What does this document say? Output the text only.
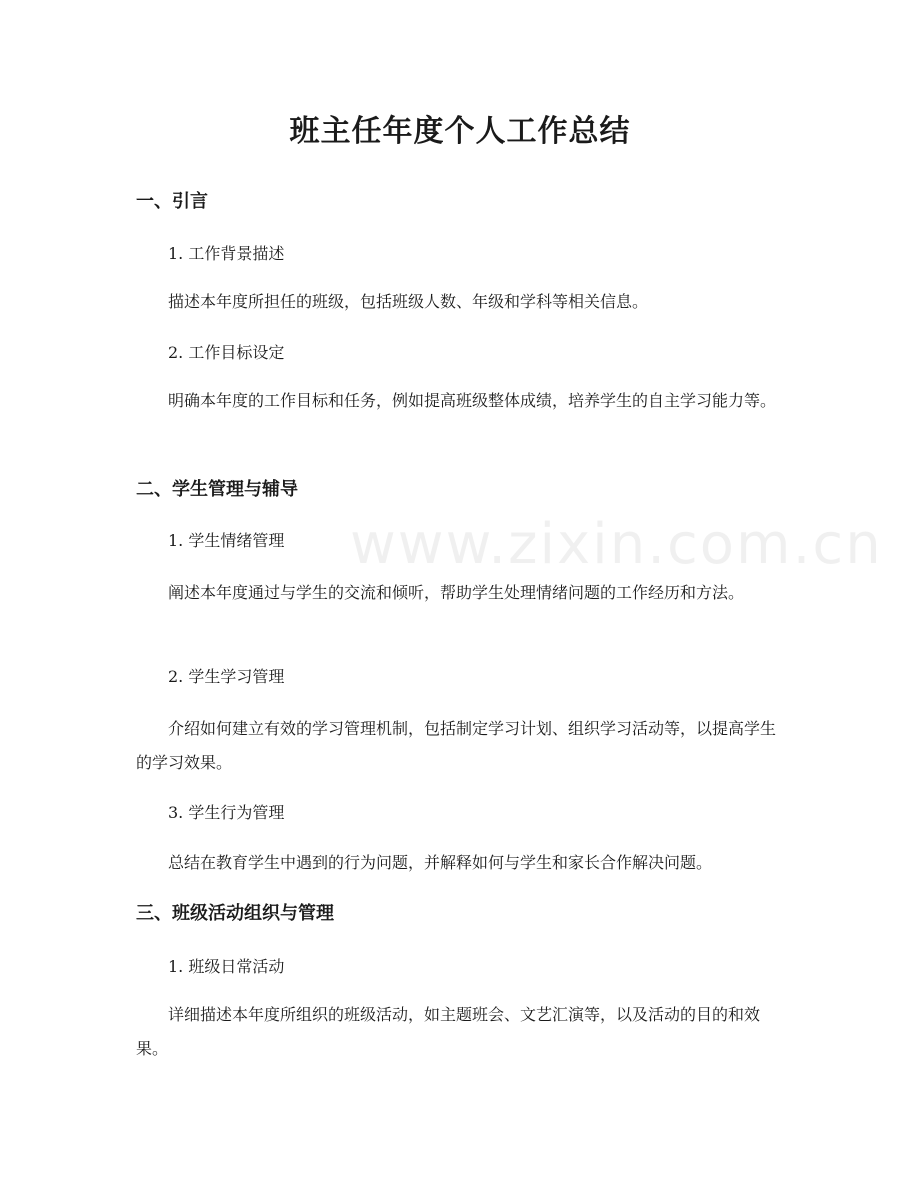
www.zixin.com.cn
班主任年度个人工作总结
一、引言
1. 工作背景描述
描述本年度所担任的班级，包括班级人数、年级和学科等相关信息。
2. 工作目标设定
明确本年度的工作目标和任务，例如提高班级整体成绩，培养学生的自主学习能力等。
二、学生管理与辅导
1. 学生情绪管理
阐述本年度通过与学生的交流和倾听，帮助学生处理情绪问题的工作经历和方法。
2. 学生学习管理
介绍如何建立有效的学习管理机制，包括制定学习计划、组织学习活动等，以提高学生的学习效果。
3. 学生行为管理
总结在教育学生中遇到的行为问题，并解释如何与学生和家长合作解决问题。
三、班级活动组织与管理
1. 班级日常活动
详细描述本年度所组织的班级活动，如主题班会、文艺汇演等，以及活动的目的和效果。
